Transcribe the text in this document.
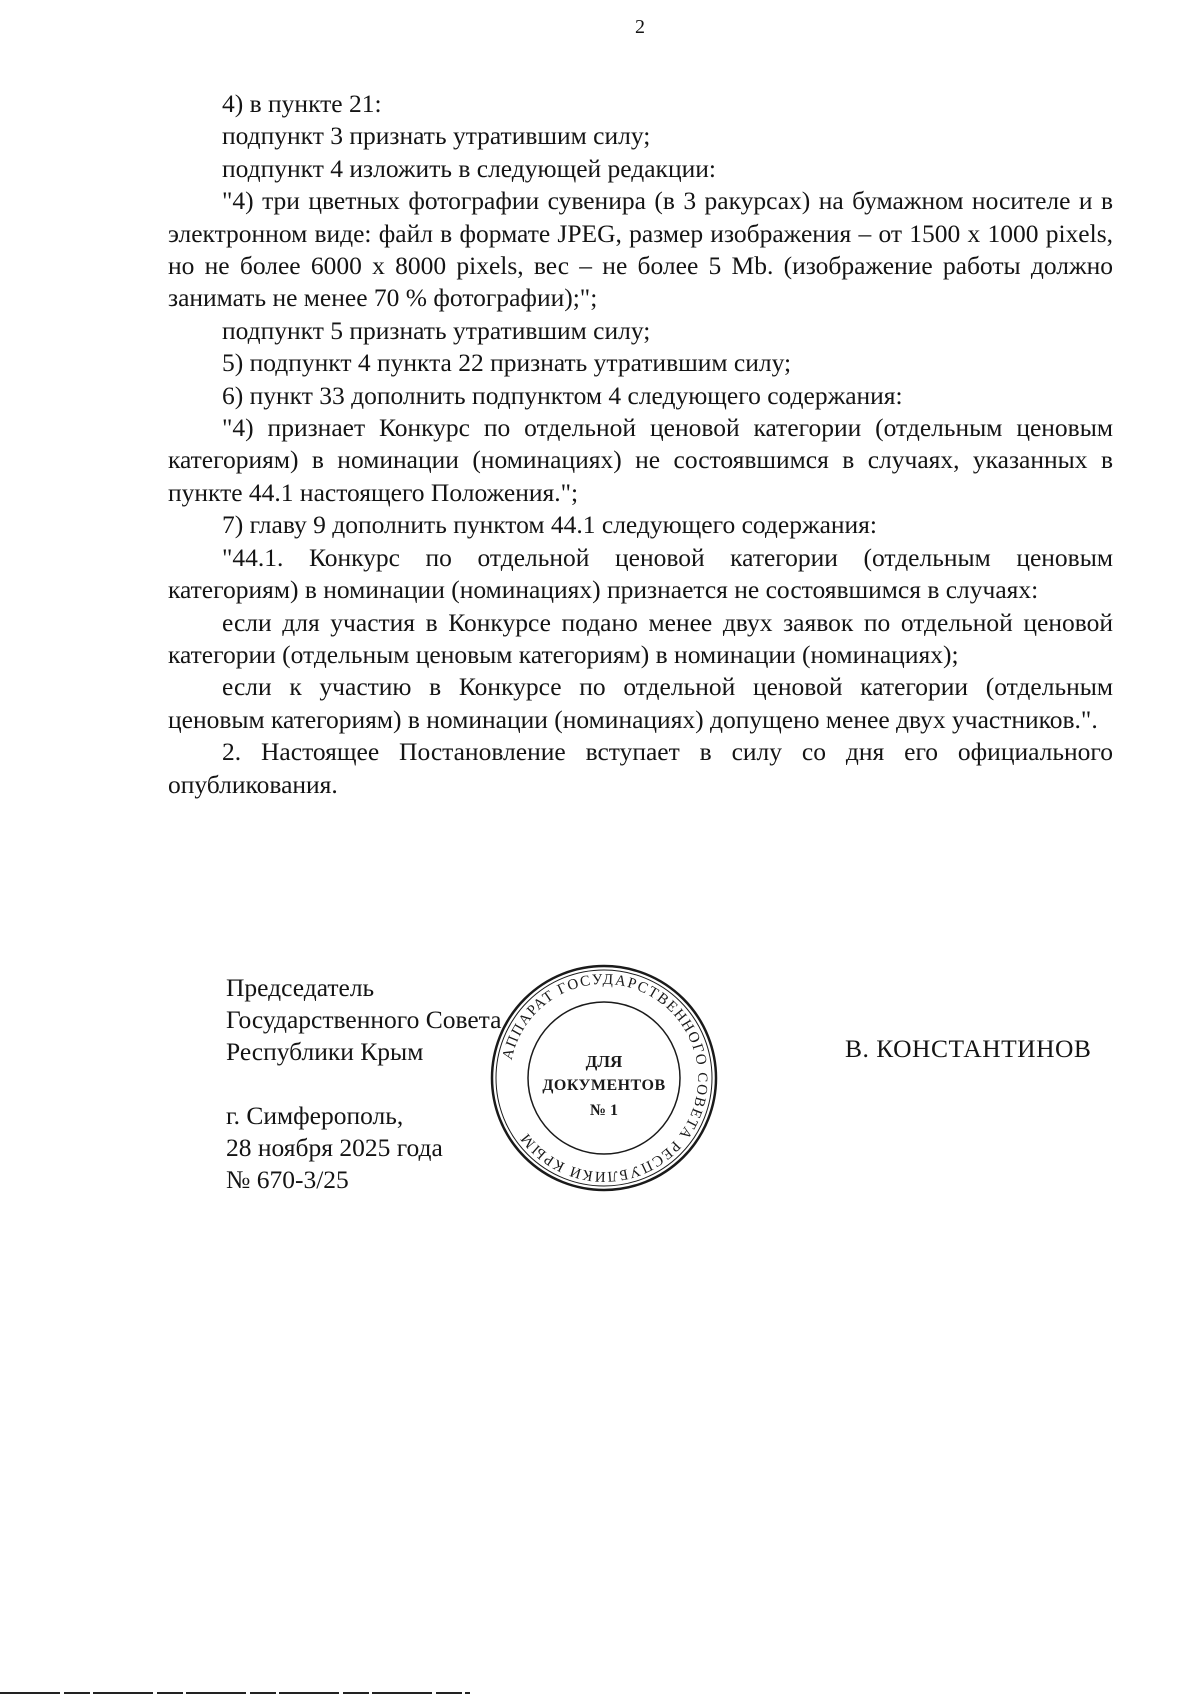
2

4) в пункте 21:

подпункт 3 признать утратившим силу;

подпункт 4 изложить в следующей редакции:

"4) три цветных фотографии сувенира (в 3 ракурсах) на бумажном носителе и в электронном виде: файл в формате JPEG, размер изображения – от 1500 х 1000 pixels, но не более 6000 х 8000 pixels, вес – не более 5 Mb. (изображение работы должно занимать не менее 70 % фотографии);";

подпункт 5 признать утратившим силу;

5) подпункт 4 пункта 22 признать утратившим силу;

6) пункт 33 дополнить подпунктом 4 следующего содержания:

"4) признает Конкурс по отдельной ценовой категории (отдельным ценовым категориям) в номинации (номинациях) не состоявшимся в случаях, указанных в пункте 44.1 настоящего Положения.";

7) главу 9 дополнить пунктом 44.1 следующего содержания:

"44.1. Конкурс по отдельной ценовой категории (отдельным ценовым категориям) в номинации (номинациях) признается не состоявшимся в случаях:

если для участия в Конкурсе подано менее двух заявок по отдельной ценовой категории (отдельным ценовым категориям) в номинации (номинациях);

если к участию в Конкурсе по отдельной ценовой категории (отдельным ценовым категориям) в номинации (номинациях) допущено менее двух участников.".

2. Настоящее Постановление вступает в силу со дня его официального опубликования.

Председатель
Государственного Совета
Республики Крым
г. Симферополь,
28 ноября 2025 года
№ 670-3/25
В. КОНСТАНТИНОВ
АППАРАТ ГОСУДАРСТВЕННОГО СОВЕТА РЕСПУБЛИКИ КРЫМ
ДЛЯ
ДОКУМЕНТОВ
№ 1
